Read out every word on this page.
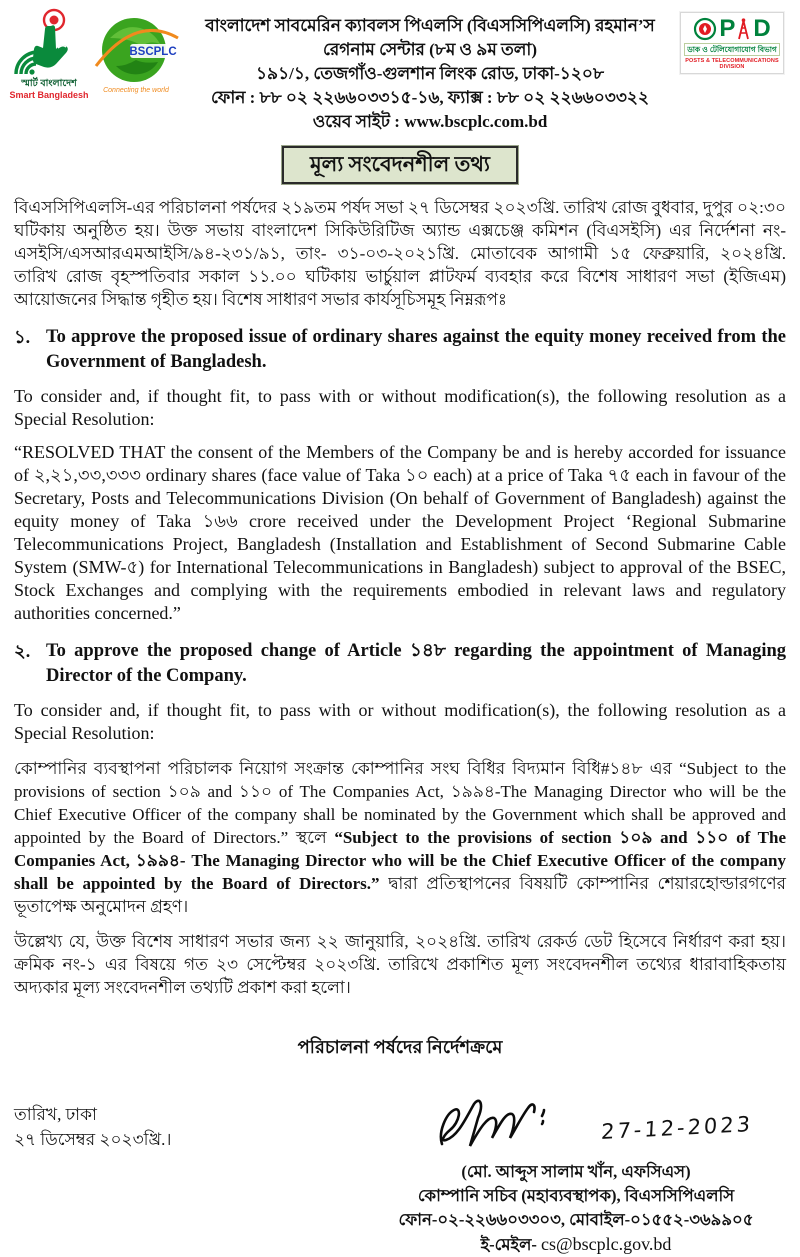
স্মার্ট বাংলাদেশ
Smart Bangladesh
BSCPLC
Connecting the world
বাংলাদেশ সাবমেরিন ক্যাবলস পিএলসি (বিএসসিপিএলসি) রহমান’স
রেগনাম সেন্টার (৮ম ও ৯ম তলা)
১৯১/১, তেজগাঁও-গুলশান লিংক রোড, ঢাকা-১২০৮
ফোন : ৮৮ ০২ ২২৬৬০৩৩১৫-১৬, ফ্যাক্স : ৮৮ ০২ ২২৬৬০৩৩২২
ওয়েব সাইট : www.bscplc.com.bd
P D
ডাক ও টেলিযোগাযোগ বিভাগ
POSTS & TELECOMMUNICATIONS DIVISION
মূল্য সংবেদনশীল তথ্য

বিএসসিপিএলসি-এর পরিচালনা পর্ষদের ২১৯তম পর্ষদ সভা ২৭ ডিসেম্বর ২০২৩খ্রি. তারিখ রোজ বুধবার, দুপুর ০২:৩০ ঘটিকায় অনুষ্ঠিত হয়। উক্ত সভায় বাংলাদেশ সিকিউরিটিজ অ্যান্ড এক্সচেঞ্জ কমিশন (বিএসইসি) এর নির্দেশনা নং-এসইসি/এসআরএমআইসি/৯৪-২৩১/৯১, তাং- ৩১-০৩-২০২১খ্রি. মোতাবেক আগামী ১৫ ফেব্রুয়ারি, ২০২৪খ্রি. তারিখ রোজ বৃহস্পতিবার সকাল ১১.০০ ঘটিকায় ভার্চুয়াল প্লাটফর্ম ব্যবহার করে বিশেষ সাধারণ সভা (ইজিএম) আয়োজনের সিদ্ধান্ত গৃহীত হয়। বিশেষ সাধারণ সভার কার্যসূচিসমূহ নিম্নরূপঃ

১. To approve the proposed issue of ordinary shares against the equity money received from the Government of Bangladesh.

To consider and, if thought fit, to pass with or without modification(s), the following resolution as a Special Resolution:

“RESOLVED THAT the consent of the Members of the Company be and is hereby accorded for issuance of ২,২১,৩৩,৩৩৩ ordinary shares (face value of Taka ১০ each) at a price of Taka ৭৫ each in favour of the Secretary, Posts and Telecommunications Division (On behalf of Government of Bangladesh) against the equity money of Taka ১৬৬ crore received under the Development Project ‘Regional Submarine Telecommunications Project, Bangladesh (Installation and Establishment of Second Submarine Cable System (SMW-৫) for International Telecommunications in Bangladesh) subject to approval of the BSEC, Stock Exchanges and complying with the requirements embodied in relevant laws and regulatory authorities concerned.”

২. To approve the proposed change of Article ১৪৮ regarding the appointment of Managing Director of the Company.

To consider and, if thought fit, to pass with or without modification(s), the following resolution as a Special Resolution:

কোম্পানির ব্যবস্থাপনা পরিচালক নিয়োগ সংক্রান্ত কোম্পানির সংঘ বিধির বিদ্যমান বিধি#১৪৮ এর “Subject to the provisions of section ১০৯ and ১১০ of The Companies Act, ১৯৯৪-The Managing Director who will be the Chief Executive Officer of the company shall be nominated by the Government which shall be approved and appointed by the Board of Directors.” স্থলে “Subject to the provisions of section ১০৯ and ১১০ of The Companies Act, ১৯৯৪- The Managing Director who will be the Chief Executive Officer of the company shall be appointed by the Board of Directors.” দ্বারা প্রতিস্থাপনের বিষয়টি কোম্পানির শেয়ারহোল্ডারগণের ভূতাপেক্ষ অনুমোদন গ্রহণ।

উল্লেখ্য যে, উক্ত বিশেষ সাধারণ সভার জন্য ২২ জানুয়ারি, ২০২৪খ্রি. তারিখ রেকর্ড ডেট হিসেবে নির্ধারণ করা হয়। ক্রমিক নং-১ এর বিষয়ে গত ২৩ সেপ্টেম্বর ২০২৩খ্রি. তারিখে প্রকাশিত মূল্য সংবেদনশীল তথ্যের ধারাবাহিকতায় অদ্যকার মূল্য সংবেদনশীল তথ্যটি প্রকাশ করা হলো।

পরিচালনা পর্ষদের নির্দেশক্রমে
তারিখ, ঢাকা
২৭ ডিসেম্বর ২০২৩খ্রি.।	27-12-2023
(মো. আব্দুস সালাম খাঁন, এফসিএস)
কোম্পানি সচিব (মহাব্যবস্থাপক), বিএসসিপিএলসি
ফোন-০২-২২৬৬০৩৩০৩, মোবাইল-০১৫৫২-৩৬৯৯০৫
ই-মেইল- cs@bscplc.gov.bd
